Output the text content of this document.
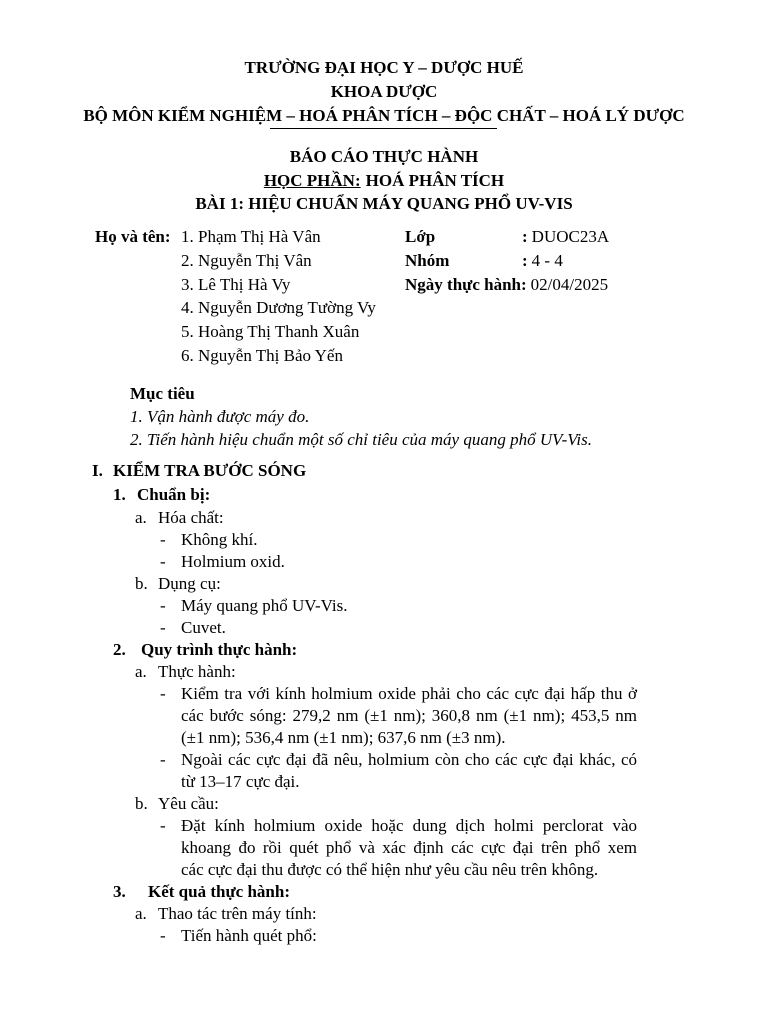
TRƯỜNG ĐẠI HỌC Y – DƯỢC HUẾ
KHOA DƯỢC
BỘ MÔN KIỂM NGHIỆM – HOÁ PHÂN TÍCH – ĐỘC CHẤT – HOÁ LÝ DƯỢC
BÁO CÁO THỰC HÀNH
HỌC PHẦN: HOÁ PHÂN TÍCH
BÀI 1: HIỆU CHUẨN MÁY QUANG PHỔ UV-VIS
Họ và tên: 1. Phạm Thị Hà Vân
2. Nguyễn Thị Vân
3. Lê Thị Hà Vy
4. Nguyễn Dương Tường Vy
5. Hoàng Thị Thanh Xuân
6. Nguyễn Thị Bảo Yến
Lớp	: DUOC23A
Nhóm	: 4 - 4
Ngày thực hành: 02/04/2025
Mục tiêu
1. Vận hành được máy đo.
2. Tiến hành hiệu chuẩn một số chỉ tiêu của máy quang phổ UV-Vis.
I. KIỂM TRA BƯỚC SÓNG
1. Chuẩn bị:
a. Hóa chất:
- Không khí.
- Holmium oxid.
b. Dụng cụ:
- Máy quang phổ UV-Vis.
- Cuvet.
2. Quy trình thực hành:
a. Thực hành:
- Kiểm tra với kính holmium oxide phải cho các cực đại hấp thu ở
các bước sóng: 279,2 nm (±1 nm); 360,8 nm (±1 nm); 453,5 nm
(±1 nm); 536,4 nm (±1 nm); 637,6 nm (±3 nm).
- Ngoài các cực đại đã nêu, holmium còn cho các cực đại khác, có
từ 13–17 cực đại.
b. Yêu cầu:
- Đặt kính holmium oxide hoặc dung dịch holmi perclorat vào
khoang đo rồi quét phổ và xác định các cực đại trên phổ xem
các cực đại thu được có thể hiện như yêu cầu nêu trên không.
3. Kết quả thực hành:
a. Thao tác trên máy tính:
- Tiến hành quét phổ:
